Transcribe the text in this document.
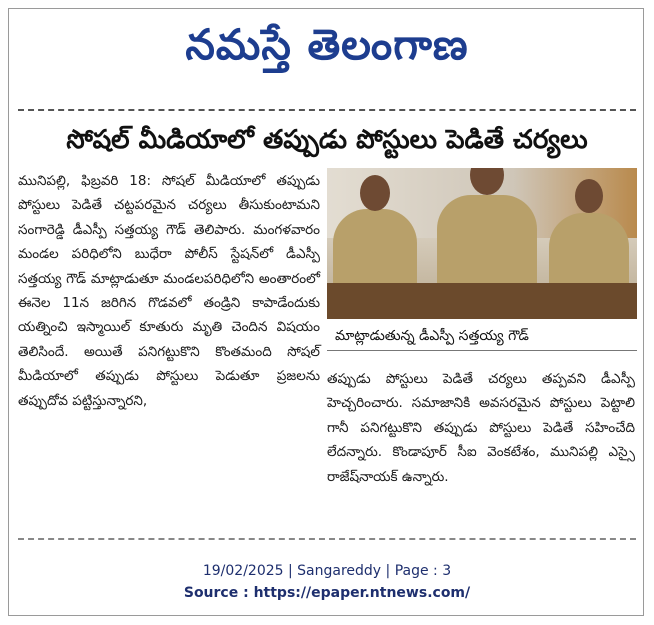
నమస్తే తెలంగాణ
సోషల్ మీడియాలో తప్పుడు పోస్టులు పెడితే చర్యలు

మునిపల్లి, ఫిబ్రవరి 18: సోషల్ మీడియాలో తప్పుడు పోస్టులు పెడితే చట్టపరమైన చర్యలు తీసుకుంటామని సంగారెడ్డి డీఎస్పీ సత్తయ్య గౌడ్ తెలిపారు. మంగళవారం మండల పరిధిలోని బుధేరా పోలీస్ స్టేషన్‌లో డీఎస్పీ సత్తయ్య గౌడ్ మాట్లాడుతూ మండలపరిధిలోని అంతారంలో ఈనెల 11న జరిగిన గొడవలో తండ్రిని కాపాడేందుకు యత్నించి ఇస్మాయిల్ కూతురు మృతి చెందిన విషయం తెలిసిందే. అయితే పనిగట్టుకొని కొంతమంది సోషల్ మీడియాలో తప్పుడు పోస్టులు పెడుతూ ప్రజలను తప్పుదోవ పట్టిస్తున్నారని,

మాట్లాడుతున్న డీఎస్పీ సత్తయ్య గౌడ్

తప్పుడు పోస్టులు పెడితే చర్యలు తప్పవని డీఎస్పీ హెచ్చరించారు. సమాజానికి అవసరమైన పోస్టులు పెట్టాలి గానీ పనిగట్టుకొని తప్పుడు పోస్టులు పెడితే సహించేది లేదన్నారు. కొండాపూర్ సీఐ వెంకటేశం, మునిపల్లి ఎస్సై రాజేష్‌నాయక్ ఉన్నారు.

19/02/2025 | Sangareddy | Page : 3
Source : https://epaper.ntnews.com/
